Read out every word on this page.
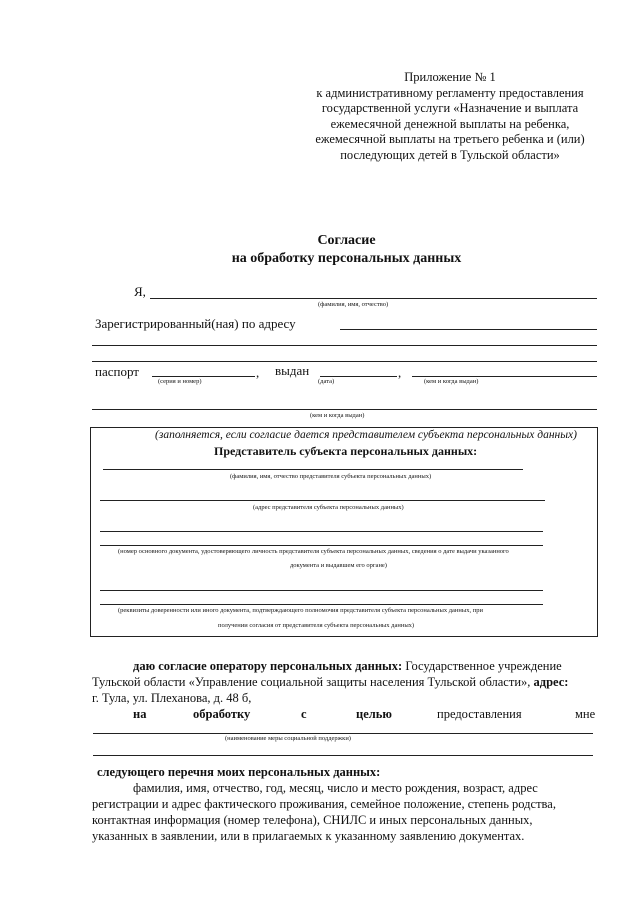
Приложение № 1
к административному регламенту предоставления
государственной услуги «Назначение и выплата
ежемесячной денежной выплаты на ребенка,
ежемесячной выплаты на третьего ребенка и (или)
последующих детей в Тульской области»
Согласие
на обработку персональных данных
Я,
(фамилия, имя, отчество)
Зарегистрированный(ная) по адресу
паспорт	,
(серия и номер)
выдан	,
(дата)	(кем и когда выдан)
(кем и когда выдан)
(заполняется, если согласие дается представителем субъекта персональных данных)
Представитель субъекта персональных данных:
(фамилия, имя, отчество представителя субъекта персональных данных)
(адрес представителя субъекта персональных данных)
(номер основного документа, удостоверяющего личность представителя субъекта персональных данных, сведения о дате выдачи указанного
документа и выдавшем его органе)
(реквизиты доверенности или иного документа, подтверждающего полномочия представителя субъекта персональных данных, при
получении согласия от представителя субъекта персональных данных)
даю согласие оператору персональных данных: Государственное учреждение
Тульской области «Управление социальной защиты населения Тульской области», адрес:
г. Тула, ул. Плеханова, д. 48 б,
на	обработку	с	целью	предоставления	мне
(наименование меры социальной поддержки)
следующего перечня моих персональных данных:
фамилия, имя, отчество, год, месяц, число и место рождения, возраст, адрес
регистрации и адрес фактического проживания, семейное положение, степень родства,
контактная информация (номер телефона), СНИЛС и иных персональных данных,
указанных в заявлении, или в прилагаемых к указанному заявлению документах.
